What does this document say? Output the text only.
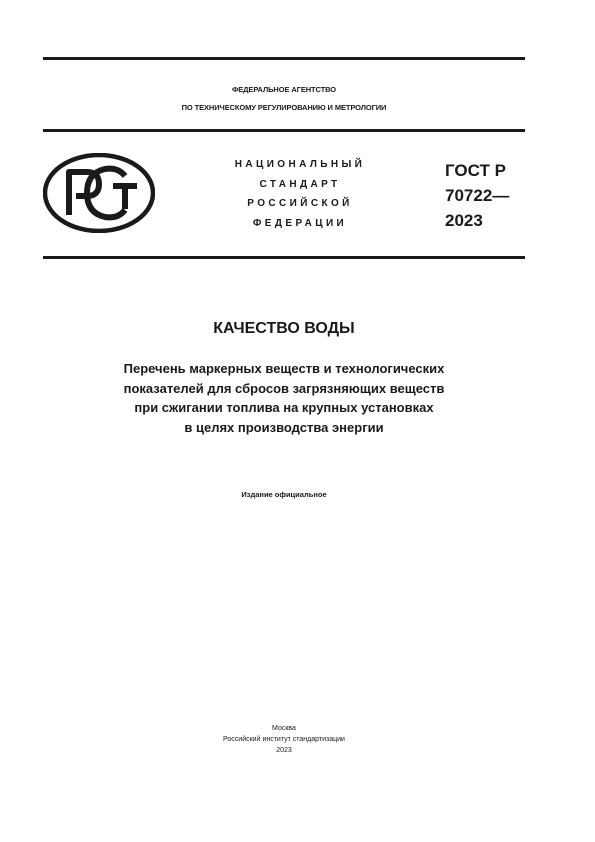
ФЕДЕРАЛЬНОЕ АГЕНТСТВО
ПО ТЕХНИЧЕСКОМУ РЕГУЛИРОВАНИЮ И МЕТРОЛОГИИ
НАЦИОНАЛЬНЫЙ
СТАНДАРТ
РОССИЙСКОЙ
ФЕДЕРАЦИИ
ГОСТ Р
70722—
2023
КАЧЕСТВО ВОДЫ
Перечень маркерных веществ и технологических
показателей для сбросов загрязняющих веществ
при сжигании топлива на крупных установках
в целях производства энергии
Издание официальное
Москва
Российский институт стандартизации
2023
